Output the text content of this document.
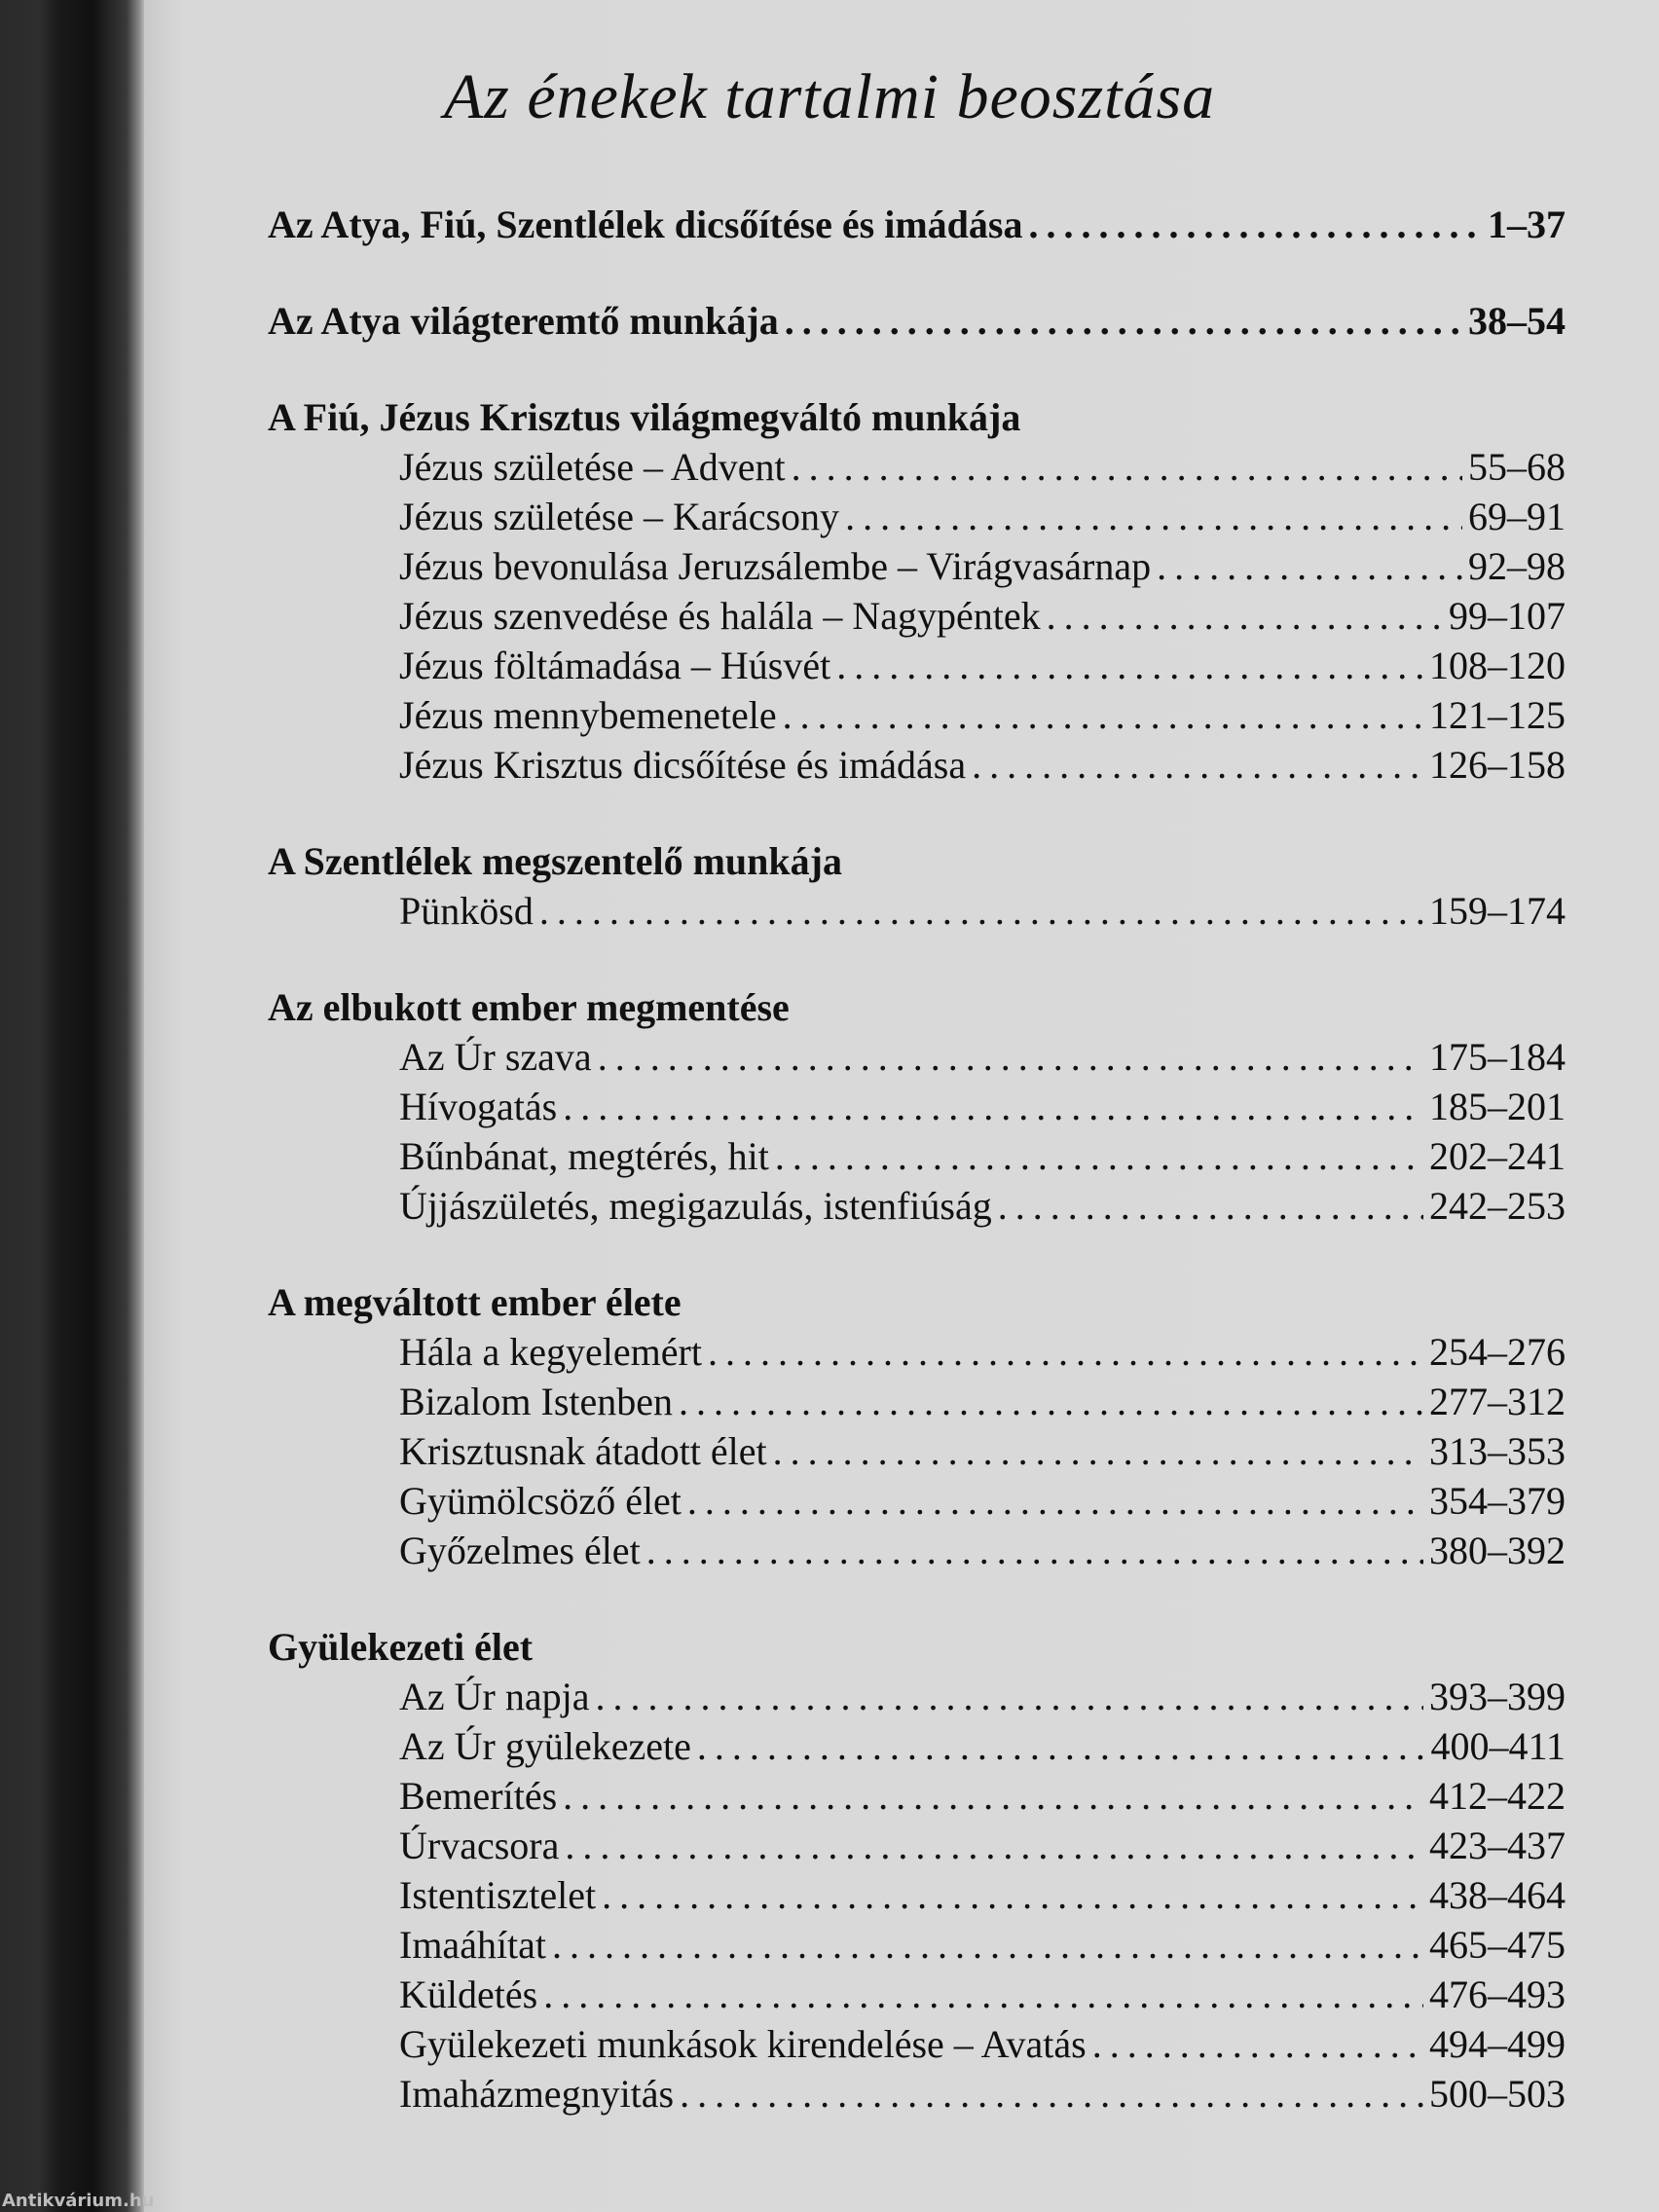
Az énekek tartalmi beosztása
Az Atya, Fiú, Szentlélek dicsőítése és imádása . . .	1–37
Az Atya világteremtő munkája . . .	38–54
A Fiú, Jézus Krisztus világmegváltó munkája
Jézus születése – Advent . . .	55–68
Jézus születése – Karácsony . . .	69–91
Jézus bevonulása Jeruzsálembe – Virágvasárnap . . .	92–98
Jézus szenvedése és halála – Nagypéntek . . .	99–107
Jézus föltámadása – Húsvét . . .	108–120
Jézus mennybemenetele . . .	121–125
Jézus Krisztus dicsőítése és imádása . . .	126–158
A Szentlélek megszentelő munkája
Pünkösd . . .	159–174
Az elbukott ember megmentése
Az Úr szava . . .	175–184
Hívogatás . . .	185–201
Bűnbánat, megtérés, hit . . .	202–241
Újjászületés, megigazulás, istenfiúság . . .	242–253
A megváltott ember élete
Hála a kegyelemért . . .	254–276
Bizalom Istenben . . .	277–312
Krisztusnak átadott élet . . .	313–353
Gyümölcsöző élet . . .	354–379
Győzelmes élet . . .	380–392
Gyülekezeti élet
Az Úr napja . . .	393–399
Az Úr gyülekezete . . .	400–411
Bemerítés . . .	412–422
Úrvacsora . . .	423–437
Istentisztelet . . .	438–464
Imaáhítat . . .	465–475
Küldetés . . .	476–493
Gyülekezeti munkások kirendelése – Avatás . . .	494–499
Imaházmegnyitás . . .	500–503
Antikvárium.hu
